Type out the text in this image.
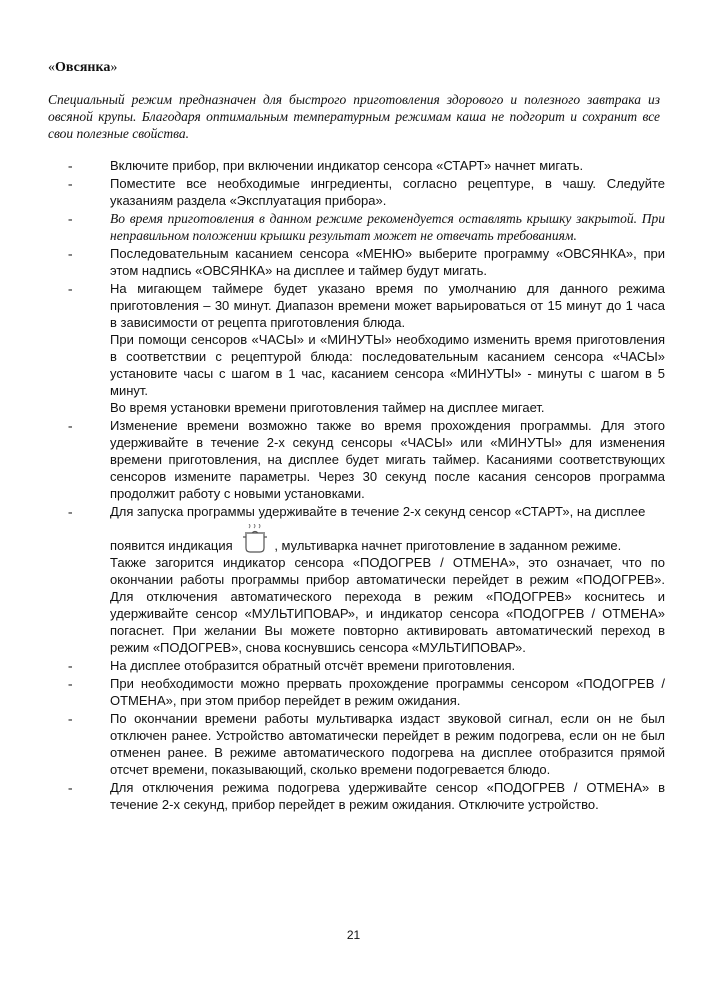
«Овсянка»
Специальный режим предназначен для быстрого приготовления здорового и полезного завтрака из овсяной крупы. Благодаря оптимальным температурным режимам каша не подгорит и сохранит все свои полезные свойства.
-	Включите прибор, при включении индикатор сенсора «СТАРТ» начнет мигать.

-	Поместите все необходимые ингредиенты, согласно рецептуре, в чашу. Следуйте указаниям раздела «Эксплуатация прибора».

-	Во время приготовления в данном режиме рекомендуется оставлять крышку закрытой. При неправильном положении крышки результат может не отвечать требованиям.

-	Последовательным касанием сенсора «МЕНЮ» выберите программу «ОВСЯНКА», при этом надпись «ОВСЯНКА» на дисплее и таймер будут мигать.

-	На мигающем таймере будет указано время по умолчанию для данного режима приготовления – 30 минут. Диапазон времени может варьироваться от 15 минут до 1 часа в зависимости от рецепта приготовления блюда.

При помощи сенсоров «ЧАСЫ» и «МИНУТЫ» необходимо изменить время приготовления в соответствии с рецептурой блюда: последовательным касанием сенсора «ЧАСЫ» установите часы с шагом в 1 час, касанием сенсора «МИНУТЫ» - минуты с шагом в 5 минут.

Во время установки времени приготовления таймер на дисплее мигает.

-	Изменение времени возможно также во время прохождения программы. Для этого удерживайте в течение 2-х секунд сенсоры «ЧАСЫ» или «МИНУТЫ» для изменения времени приготовления, на дисплее будет мигать таймер. Касаниями соответствующих сенсоров измените параметры. Через 30 секунд после касания сенсоров программа продолжит работу с новыми установками.

-	Для запуска программы удерживайте в течение 2-х секунд сенсор «СТАРТ», на дисплее

появится индикация	, мультиварка начнет приготовление в заданном режиме.

Также загорится индикатор сенсора «ПОДОГРЕВ / ОТМЕНА», это означает, что по окончании работы программы прибор автоматически перейдет в режим «ПОДОГРЕВ». Для отключения автоматического перехода в режим «ПОДОГРЕВ» коснитесь и удерживайте сенсор «МУЛЬТИПОВАР», и индикатор сенсора «ПОДОГРЕВ / ОТМЕНА» погаснет. При желании Вы можете повторно активировать автоматический переход в режим «ПОДОГРЕВ», снова коснувшись сенсора «МУЛЬТИПОВАР».

-	На дисплее отобразится обратный отсчёт времени приготовления.

-	При необходимости можно прервать прохождение программы сенсором «ПОДОГРЕВ / ОТМЕНА», при этом прибор перейдет в режим ожидания.

-	По окончании времени работы мультиварка издаст звуковой сигнал, если он не был отключен ранее. Устройство автоматически перейдет в режим подогрева, если он не был отменен ранее. В режиме автоматического подогрева на дисплее отобразится прямой отсчет времени, показывающий, сколько времени подогревается блюдо.

-	Для отключения режима подогрева удерживайте сенсор «ПОДОГРЕВ / ОТМЕНА» в течение 2-х секунд, прибор перейдет в режим ожидания. Отключите устройство.

21
